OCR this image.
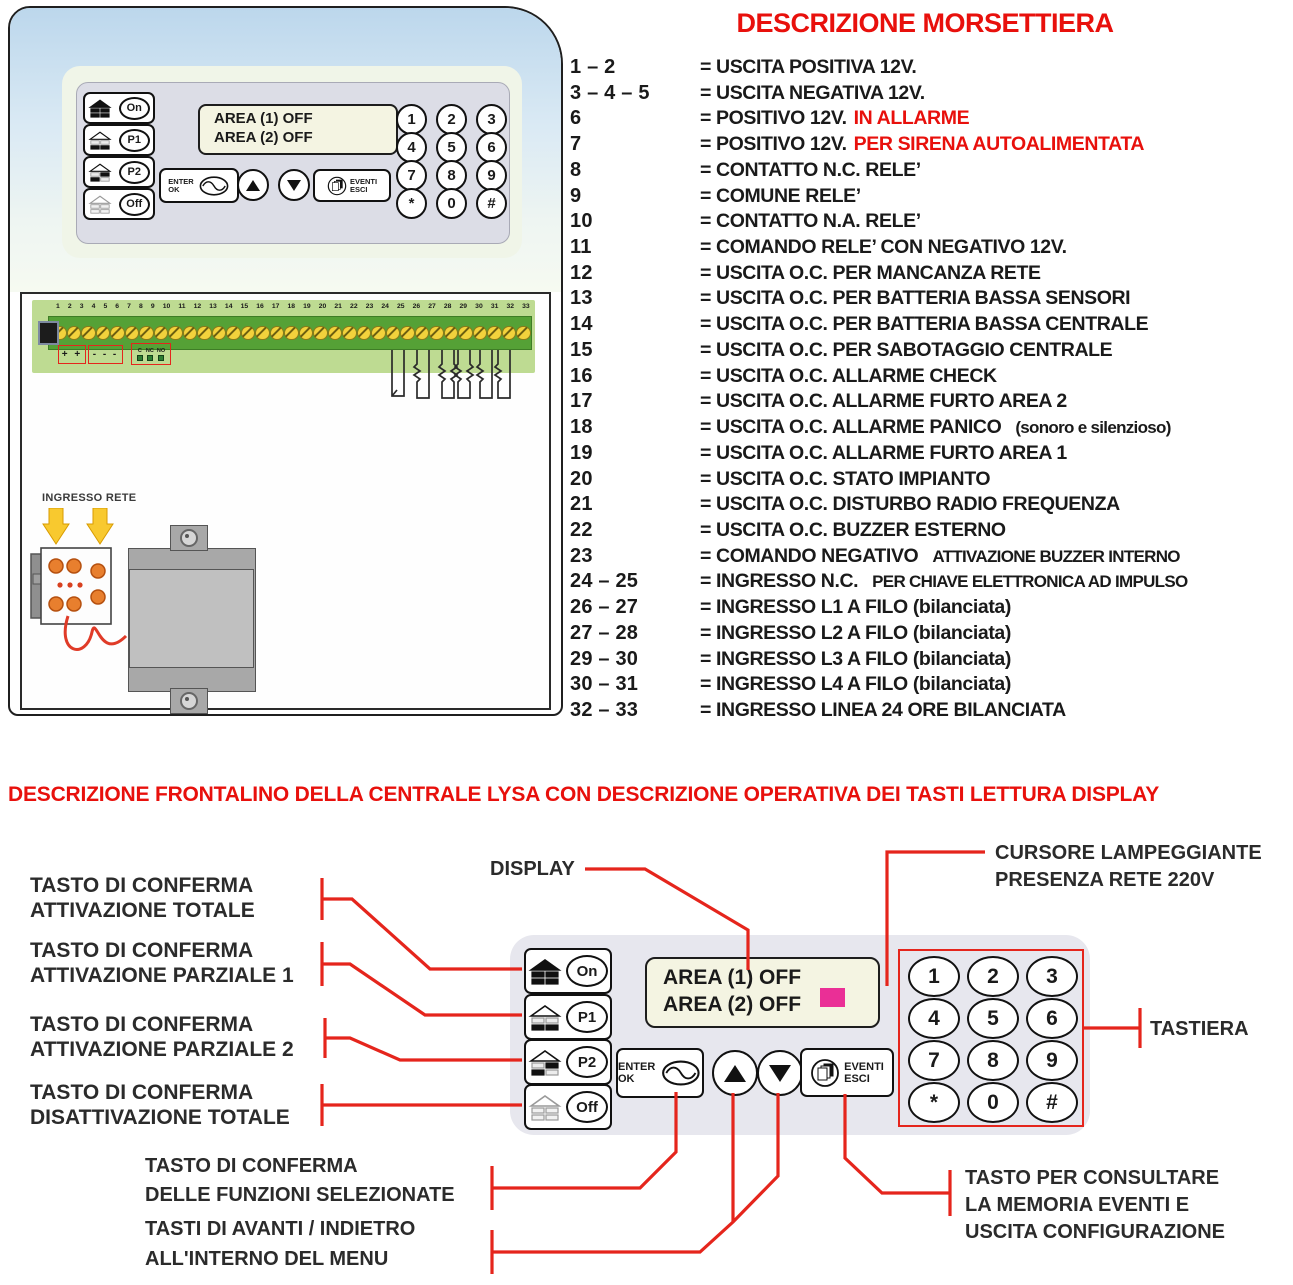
On
P1
P2
Off
AREA (1) OFF
AREA (2) OFF
ENTER
OK
EVENTI
ESCI
1	2	3
4	5	6
7	8	9
*	0	#
1 2 3 4 5 6 7 8 9 10 11 12 13 14 15 16 17 18 19 20 21 22 23 24 25 26 27 28 29 30 31 32 33
+ + - - -	C NC NO
INGRESSO RETE
DESCRIZIONE MORSETTIERA
1 – 2	= USCITA POSITIVA 12V.
3 – 4 – 5	= USCITA NEGATIVA 12V.
6	= POSITIVO 12V. IN ALLARME
7	= POSITIVO 12V. PER SIRENA AUTOALIMENTATA
8	= CONTATTO N.C. RELE’
9	= COMUNE RELE’
10	= CONTATTO N.A. RELE’
11	= COMANDO RELE’ CON NEGATIVO 12V.
12	= USCITA O.C. PER MANCANZA RETE
13	= USCITA O.C. PER BATTERIA BASSA SENSORI
14	= USCITA O.C. PER BATTERIA BASSA CENTRALE
15	= USCITA O.C. PER SABOTAGGIO CENTRALE
16	= USCITA O.C. ALLARME CHECK
17	= USCITA O.C. ALLARME FURTO AREA 2
18	= USCITA O.C. ALLARME PANICO (sonoro e silenzioso)
19	= USCITA O.C. ALLARME FURTO AREA 1
20	= USCITA O.C. STATO IMPIANTO
21	= USCITA O.C. DISTURBO RADIO FREQUENZA
22	= USCITA O.C. BUZZER ESTERNO
23	= COMANDO NEGATIVO ATTIVAZIONE BUZZER INTERNO
24 – 25	= INGRESSO N.C. PER CHIAVE ELETTRONICA AD IMPULSO
26 – 27	= INGRESSO L1 A FILO (bilanciata)
27 – 28	= INGRESSO L2 A FILO (bilanciata)
29 – 30	= INGRESSO L3 A FILO (bilanciata)
30 – 31	= INGRESSO L4 A FILO (bilanciata)
32 – 33	= INGRESSO LINEA 24 ORE BILANCIATA
DESCRIZIONE FRONTALINO DELLA CENTRALE LYSA CON DESCRIZIONE OPERATIVA DEI TASTI LETTURA DISPLAY
On
P1
P2
Off
AREA (1) OFF
AREA (2) OFF
ENTER
OK
EVENTI
ESCI
1	2	3
4	5	6
7	8	9
*	0	#
TASTO DI CONFERMA
ATTIVAZIONE TOTALE
TASTO DI CONFERMA
ATTIVAZIONE PARZIALE 1
TASTO DI CONFERMA
ATTIVAZIONE PARZIALE 2
TASTO DI CONFERMA
DISATTIVAZIONE TOTALE
DISPLAY
CURSORE LAMPEGGIANTE
PRESENZA RETE 220V
TASTIERA
TASTO DI CONFERMA
DELLE FUNZIONI SELEZIONATE
TASTI DI AVANTI / INDIETRO
ALL'INTERNO DEL MENU
TASTO PER CONSULTARE
LA MEMORIA EVENTI E
USCITA CONFIGURAZIONE
